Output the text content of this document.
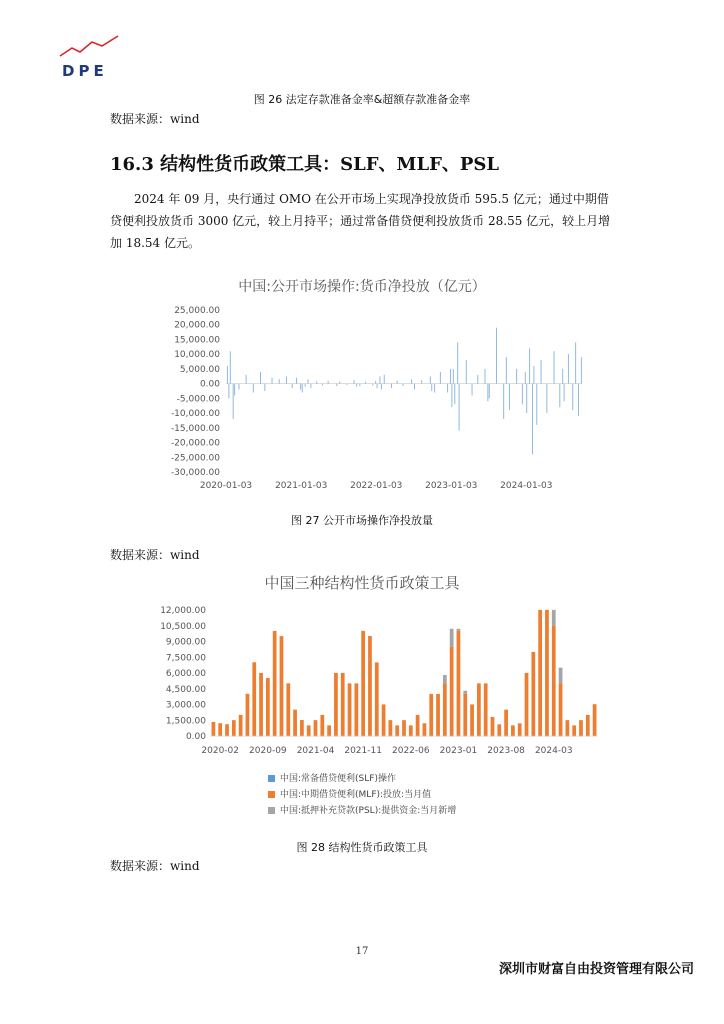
DPE
图 26 法定存款准备金率&超额存款准备金率
数据来源：wind
16.3 结构性货币政策工具：SLF、MLF、PSL
2024 年 09 月，央行通过 OMO 在公开市场上实现净投放货币 595.5 亿元；通过中期借贷便利投放货币 3000 亿元，较上月持平；通过常备借贷便利投放货币 28.55 亿元，较上月增加 18.54 亿元。
中国:公开市场操作:货币净投放（亿元）
25,000.00
20,000.00
15,000.00
10,000.00
5,000.00
0.00
-5,000.00
-10,000.00
-15,000.00
-20,000.00
-25,000.00
-30,000.00
2020-01-03	2021-01-03	2022-01-03	2023-01-03	2024-01-03
图 27 公开市场操作净投放量
数据来源：wind
中国三种结构性货币政策工具
12,000.00
10,500.00
9,000.00
7,500.00
6,000.00
4,500.00
3,000.00
1,500.00
0.00
2020-02 2020-09 2021-04 2021-11 2022-06 2023-01 2023-08 2024-03
中国:常备借贷便利(SLF)操作
中国:中期借贷便利(MLF):投放:当月值
中国:抵押补充贷款(PSL):提供资金:当月新增
图 28 结构性货币政策工具
数据来源：wind
17
深圳市财富自由投资管理有限公司
